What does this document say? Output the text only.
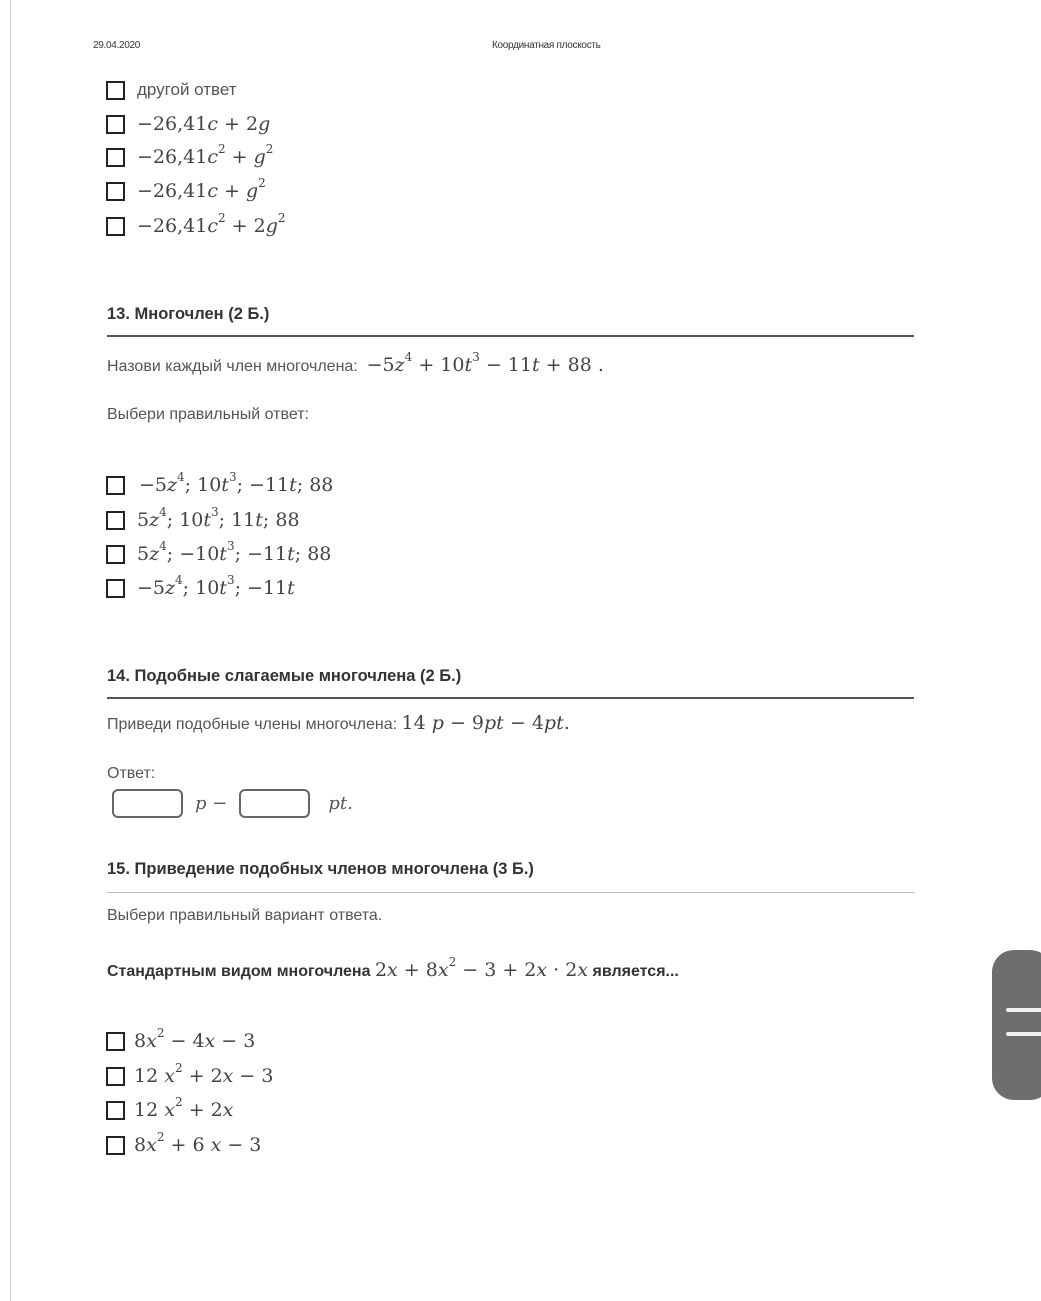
29.04.2020	Координатная плоскость
другой ответ
−26,41c + 2g
$-26,41c^2 + g^2$
$-26,41c + g^2$
$-26,41c^2 + 2g^2$
13. Многочлен (2 Б.)
Назови каждый член многочлена: $-5z^4 + 10t^3 - 11t + 88$ .
Выбери правильный ответ:
$-5z^4$; $10t^3$; −11t; 88
$5z^4$; $10t^3$; 11t; 88
$5z^4$; $-10t^3$; −11t; 88
$-5z^4$; $10t^3$; −11t
14. Подобные слагаемые многочлена (2 Б.)
Приведи подобные члены многочлена: 14 p − 9pt − 4pt.
Ответ:
p −	pt.
15. Приведение подобных членов многочлена (3 Б.)
Выбери правильный вариант ответа.
Стандартным видом многочлена $2x + 8x^2 - 3 + 2x \cdot 2x$ является...
$8x^2 - 4x - 3$
12 $x^2 + 2x - 3$
12 $x^2 + 2x$
$8x^2 + 6$ x − 3
